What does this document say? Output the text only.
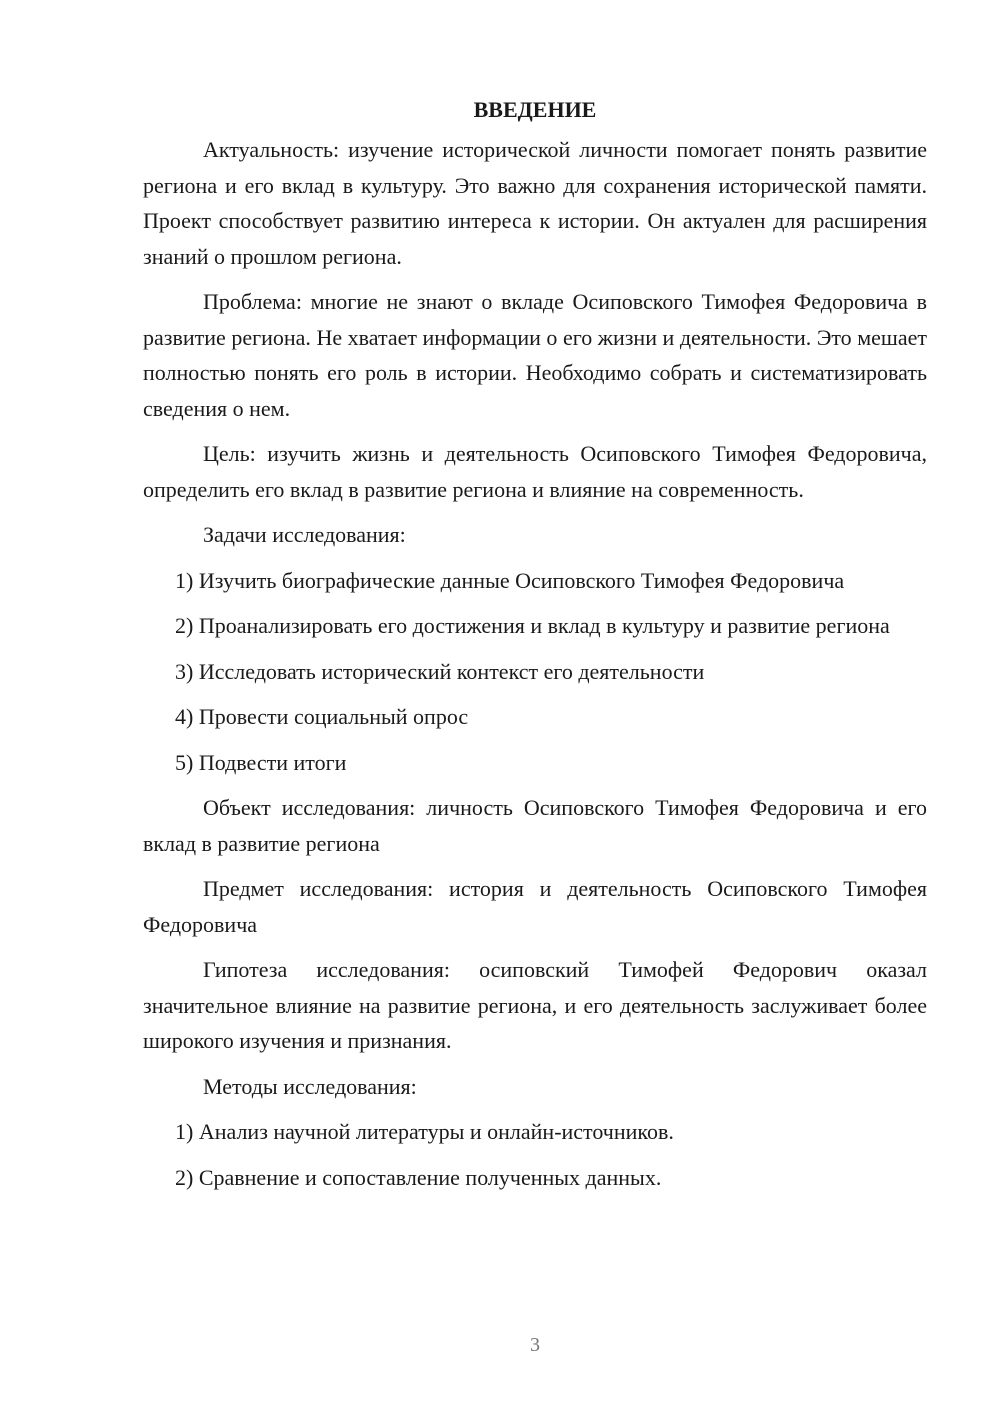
ВВЕДЕНИЕ

Актуальность: изучение исторической личности помогает понять развитие региона и его вклад в культуру. Это важно для сохранения исторической памяти. Проект способствует развитию интереса к истории. Он актуален для расширения знаний о прошлом региона.

Проблема: многие не знают о вкладе Осиповского Тимофея Федоровича в развитие региона. Не хватает информации о его жизни и деятельности. Это мешает полностью понять его роль в истории. Необходимо собрать и систематизировать сведения о нем.

Цель: изучить жизнь и деятельность Осиповского Тимофея Федоровича, определить его вклад в развитие региона и влияние на современность.

Задачи исследования:

1) Изучить биографические данные Осиповского Тимофея Федоровича

2) Проанализировать его достижения и вклад в культуру и развитие региона

3) Исследовать исторический контекст его деятельности

4) Провести социальный опрос

5) Подвести итоги

Объект исследования: личность Осиповского Тимофея Федоровича и его вклад в развитие региона

Предмет исследования: история и деятельность Осиповского Тимофея Федоровича

Гипотеза исследования: осиповский Тимофей Федорович оказал значительное влияние на развитие региона, и его деятельность заслуживает более широкого изучения и признания.

Методы исследования:

1) Анализ научной литературы и онлайн-источников.

2) Сравнение и сопоставление полученных данных.

3
